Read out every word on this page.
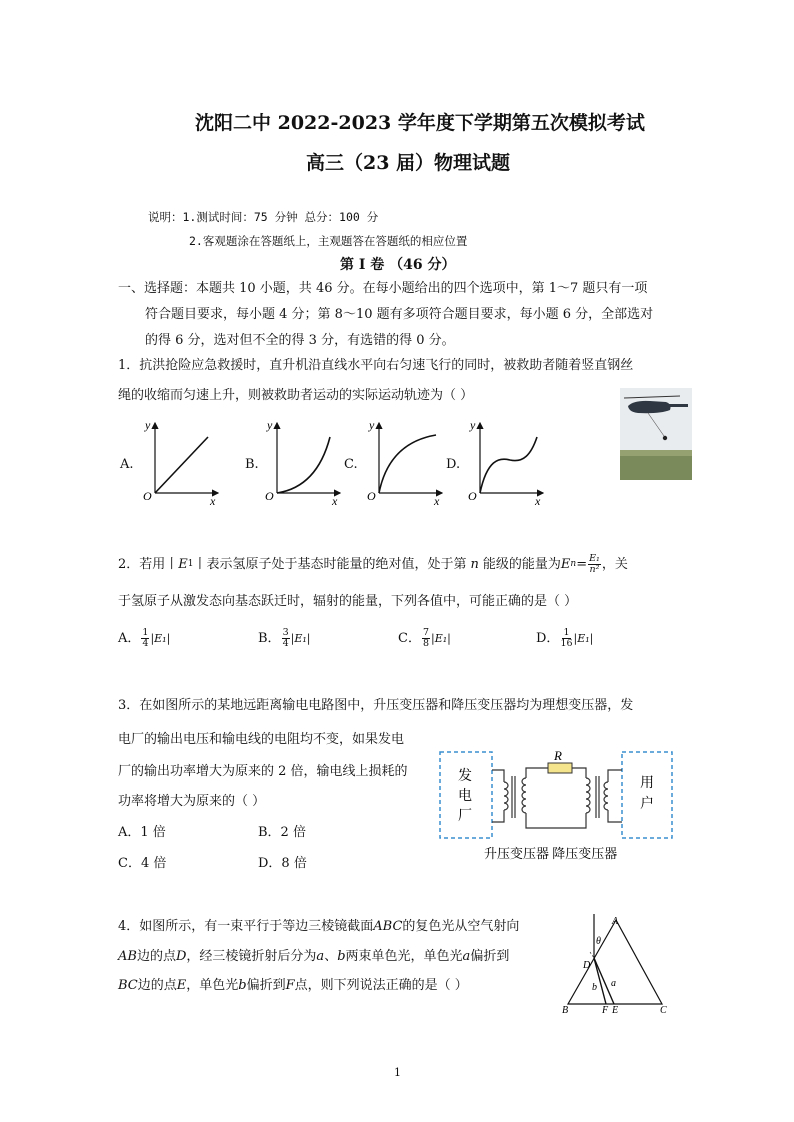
沈阳二中 2022-2023 学年度下学期第五次模拟考试
高三（23 届）物理试题
说明：1.测试时间：75 分钟 总分：100 分
2.客观题涂在答题纸上，主观题答在答题纸的相应位置
第 I 卷 （46 分）
一、选择题：本题共 10 小题，共 46 分。在每小题给出的四个选项中，第 1～7 题只有一项
符合题目要求，每小题 4 分；第 8～10 题有多项符合题目要求，每小题 6 分，全部选对
的得 6 分，选对但不全的得 3 分，有选错的得 0 分。
1．抗洪抢险应急救援时，直升机沿直线水平向右匀速飞行的同时，被救助者随着竖直钢丝
绳的收缩而匀速上升，则被救助者运动的实际运动轨迹为（ ）
A.	B.	C.	D.
y
O	x
y
O	x
y
O	x
y
O	x
2．若用丨 E 1 丨表示氢原子处于基态时能量的绝对值，处于第 n 能级的能量为 E $n = \frac{\text{E₁}}{\text{n²}}$ ，关
于氢原子从激发态向基态跃迁时，辐射的能量，下列各值中，可能正确的是（ ）
A． $\frac{1}{4} |E_1|$	B． $\frac{3}{4} |E_1|$	C． $\frac{7}{8} |E_1|$	D． $\frac{1}{16} |E_1|$
3．在如图所示的某地远距离输电电路图中，升压变压器和降压变压器均为理想变压器，发
电厂的输出电压和输电线的电阻均不变，如果发电
厂的输出功率增大为原来的 2 倍，输电线上损耗的
功率将增大为原来的（ ）
A．1 倍	B．2 倍
C．4 倍	D．8 倍
发
电
厂
用
户
R
升压变压器 降压变压器
4．如图所示，有一束平行于等边三棱镜截面ABC的复色光从空气射向
AB边的点D，经三棱镜折射后分为a、b两束单色光，单色光a偏折到
BC边的点E，单色光b偏折到F点，则下列说法正确的是（ ）
A
B	C
D
F E
θ
a
b
1
